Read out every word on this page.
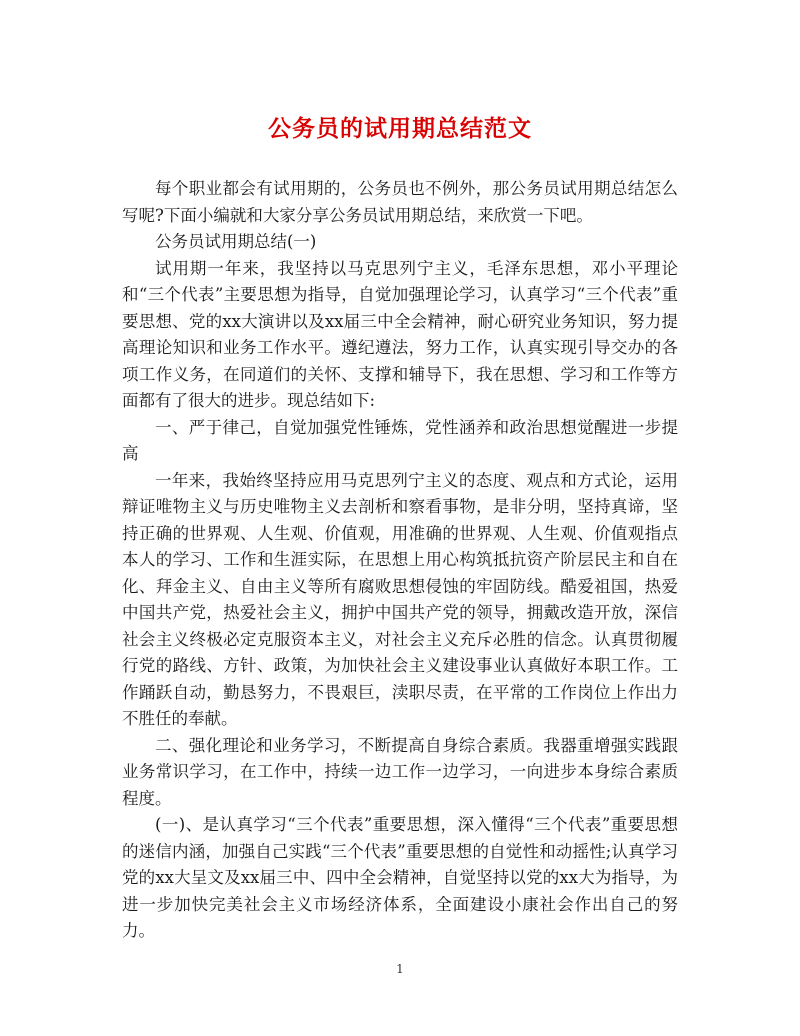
公务员的试用期总结范文

每个职业都会有试用期的，公务员也不例外，那公务员试用期总结怎么写呢?下面小编就和大家分享公务员试用期总结，来欣赏一下吧。

公务员试用期总结(一)

试用期一年来，我坚持以马克思列宁主义，毛泽东思想，邓小平理论和“三个代表”主要思想为指导，自觉加强理论学习，认真学习“三个代表”重要思想、党的xx大演讲以及xx届三中全会精神，耐心研究业务知识，努力提高理论知识和业务工作水平。遵纪遵法，努力工作，认真实现引导交办的各项工作义务，在同道们的关怀、支撑和辅导下，我在思想、学习和工作等方面都有了很大的进步。现总结如下:

一、严于律己，自觉加强党性锤炼，党性涵养和政治思想觉醒进一步提高

一年来，我始终坚持应用马克思列宁主义的态度、观点和方式论，运用辩证唯物主义与历史唯物主义去剖析和察看事物，是非分明，坚持真谛，坚持正确的世界观、人生观、价值观，用准确的世界观、人生观、价值观指点本人的学习、工作和生涯实际，在思想上用心构筑抵抗资产阶层民主和自在化、拜金主义、自由主义等所有腐败思想侵蚀的牢固防线。酷爱祖国，热爱中国共产党，热爱社会主义，拥护中国共产党的领导，拥戴改造开放，深信社会主义终极必定克服资本主义，对社会主义充斥必胜的信念。认真贯彻履行党的路线、方针、政策，为加快社会主义建设事业认真做好本职工作。工作踊跃自动，勤恳努力，不畏艰巨，渎职尽责，在平常的工作岗位上作出力不胜任的奉献。

二、强化理论和业务学习，不断提高自身综合素质。我器重增强实践跟业务常识学习，在工作中，持续一边工作一边学习，一向进步本身综合素质程度。

(一)、是认真学习“三个代表”重要思想，深入懂得“三个代表”重要思想的迷信内涵，加强自己实践“三个代表”重要思想的自觉性和动摇性;认真学习党的xx大呈文及xx届三中、四中全会精神，自觉坚持以党的xx大为指导，为进一步加快完美社会主义市场经济体系，全面建设小康社会作出自己的努力。

1
